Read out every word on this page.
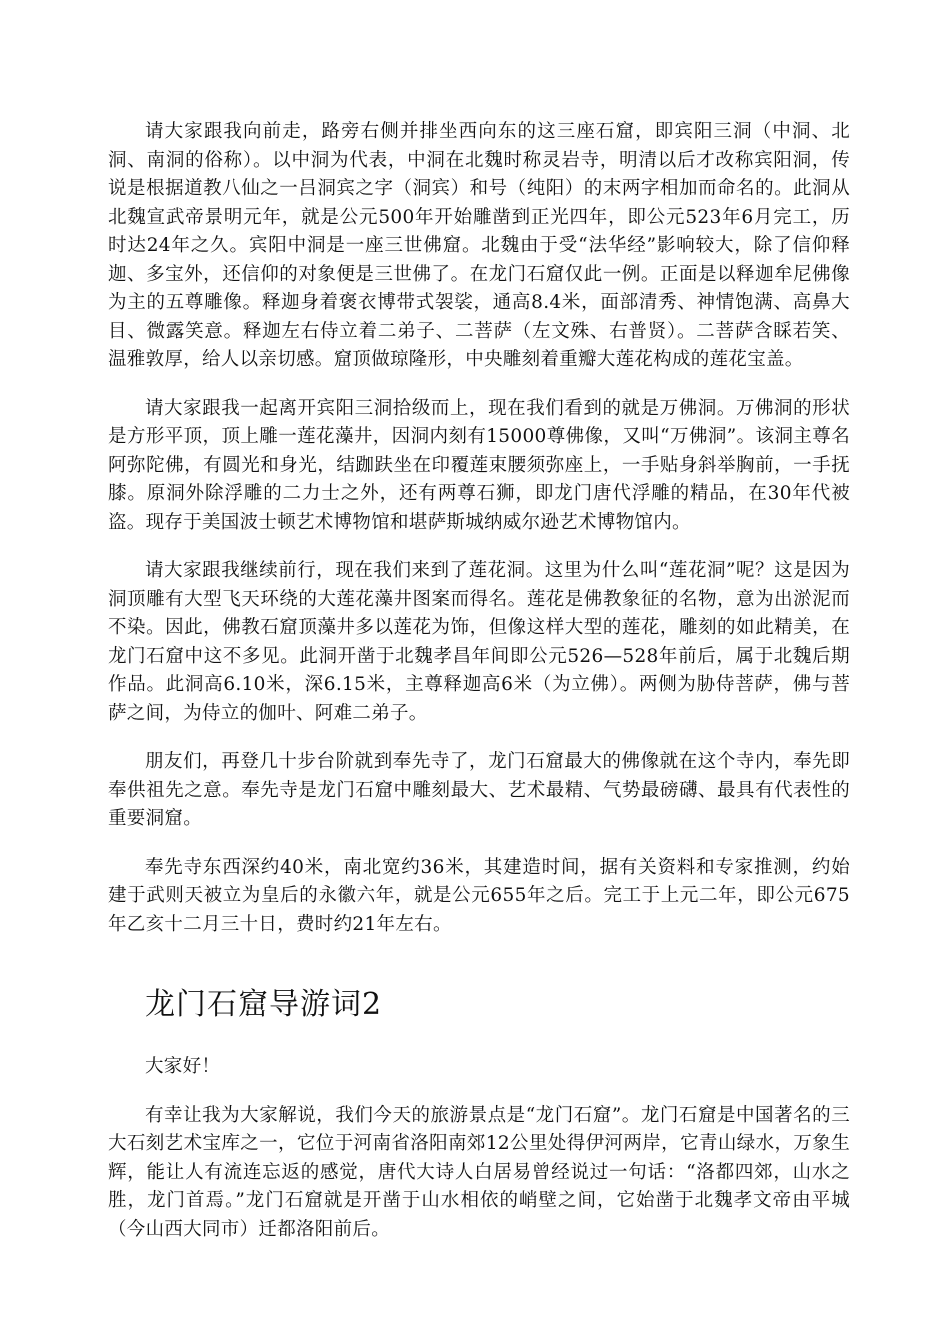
请大家跟我向前走，路旁右侧并排坐西向东的这三座石窟，即宾阳三洞（中洞、北洞、南洞的俗称）。以中洞为代表，中洞在北魏时称灵岩寺，明清以后才改称宾阳洞，传说是根据道教八仙之一吕洞宾之字（洞宾）和号（纯阳）的末两字相加而命名的。此洞从北魏宣武帝景明元年，就是公元500年开始雕凿到正光四年，即公元523年6月完工，历时达24年之久。宾阳中洞是一座三世佛窟。北魏由于受“法华经”影响较大，除了信仰释迦、多宝外，还信仰的对象便是三世佛了。在龙门石窟仅此一例。正面是以释迦牟尼佛像为主的五尊雕像。释迦身着褒衣博带式袈裟，通高8.4米，面部清秀、神情饱满、高鼻大目、微露笑意。释迦左右侍立着二弟子、二菩萨（左文殊、右普贤）。二菩萨含睬若笑、温雅敦厚，给人以亲切感。窟顶做琼隆形，中央雕刻着重瓣大莲花构成的莲花宝盖。

请大家跟我一起离开宾阳三洞拾级而上，现在我们看到的就是万佛洞。万佛洞的形状是方形平顶，顶上雕一莲花藻井，因洞内刻有15000尊佛像，又叫“万佛洞”。该洞主尊名阿弥陀佛，有圆光和身光，结跏趺坐在印覆莲束腰须弥座上，一手贴身斜举胸前，一手抚膝。原洞外除浮雕的二力士之外，还有两尊石狮，即龙门唐代浮雕的精品，在30年代被盗。现存于美国波士顿艺术博物馆和堪萨斯城纳威尔逊艺术博物馆内。

请大家跟我继续前行，现在我们来到了莲花洞。这里为什么叫“莲花洞”呢？这是因为洞顶雕有大型飞天环绕的大莲花藻井图案而得名。莲花是佛教象征的名物，意为出淤泥而不染。因此，佛教石窟顶藻井多以莲花为饰，但像这样大型的莲花，雕刻的如此精美，在龙门石窟中这不多见。此洞开凿于北魏孝昌年间即公元526—528年前后，属于北魏后期作品。此洞高6.10米，深6.15米，主尊释迦高6米（为立佛）。两侧为胁侍菩萨，佛与菩萨之间，为侍立的伽叶、阿难二弟子。

朋友们，再登几十步台阶就到奉先寺了，龙门石窟最大的佛像就在这个寺内，奉先即奉供祖先之意。奉先寺是龙门石窟中雕刻最大、艺术最精、气势最磅礴、最具有代表性的重要洞窟。

奉先寺东西深约40米，南北宽约36米，其建造时间，据有关资料和专家推测，约始建于武则天被立为皇后的永徽六年，就是公元655年之后。完工于上元二年，即公元675年乙亥十二月三十日，费时约21年左右。

龙门石窟导游词2

大家好！

有幸让我为大家解说，我们今天的旅游景点是“龙门石窟”。龙门石窟是中国著名的三大石刻艺术宝库之一，它位于河南省洛阳南郊12公里处得伊河两岸，它青山绿水，万象生辉，能让人有流连忘返的感觉，唐代大诗人白居易曾经说过一句话：“洛都四郊，山水之胜，龙门首焉。”龙门石窟就是开凿于山水相依的峭壁之间，它始凿于北魏孝文帝由平城（今山西大同市）迁都洛阳前后。
